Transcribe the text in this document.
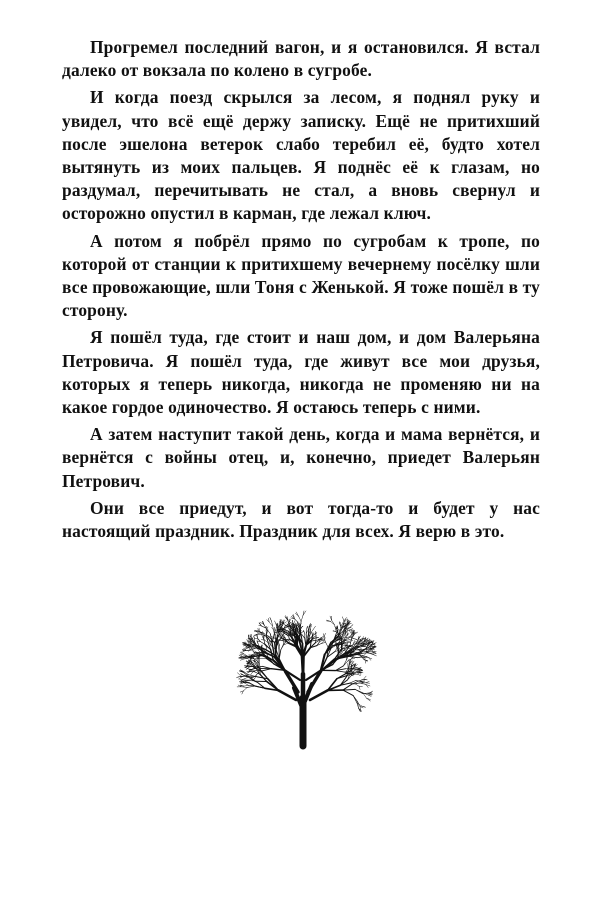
Прогремел последний вагон, и я остановился. Я встал далеко от вокзала по колено в сугробе.

И когда поезд скрылся за лесом, я поднял руку и увидел, что всё ещё держу записку. Ещё не притихший после эшелона ветерок слабо теребил её, будто хотел вытянуть из моих пальцев. Я поднёс её к глазам, но раздумал, перечитывать не стал, а вновь свернул и осторожно опустил в карман, где лежал ключ.

А потом я побрёл прямо по сугробам к тропе, по которой от станции к притихшему вечернему посёлку шли все провожающие, шли Тоня с Женькой. Я тоже пошёл в ту сторону.

Я пошёл туда, где стоит и наш дом, и дом Валерьяна Петровича. Я пошёл туда, где живут все мои друзья, которых я теперь никогда, никогда не променяю ни на какое гордое одиночество. Я остаюсь теперь с ними.

А затем наступит такой день, когда и мама вернётся, и вернётся с войны отец, и, конечно, приедет Валерьян Петрович.

Они все приедут, и вот тогда-то и будет у нас настоящий праздник. Праздник для всех. Я верю в это.
